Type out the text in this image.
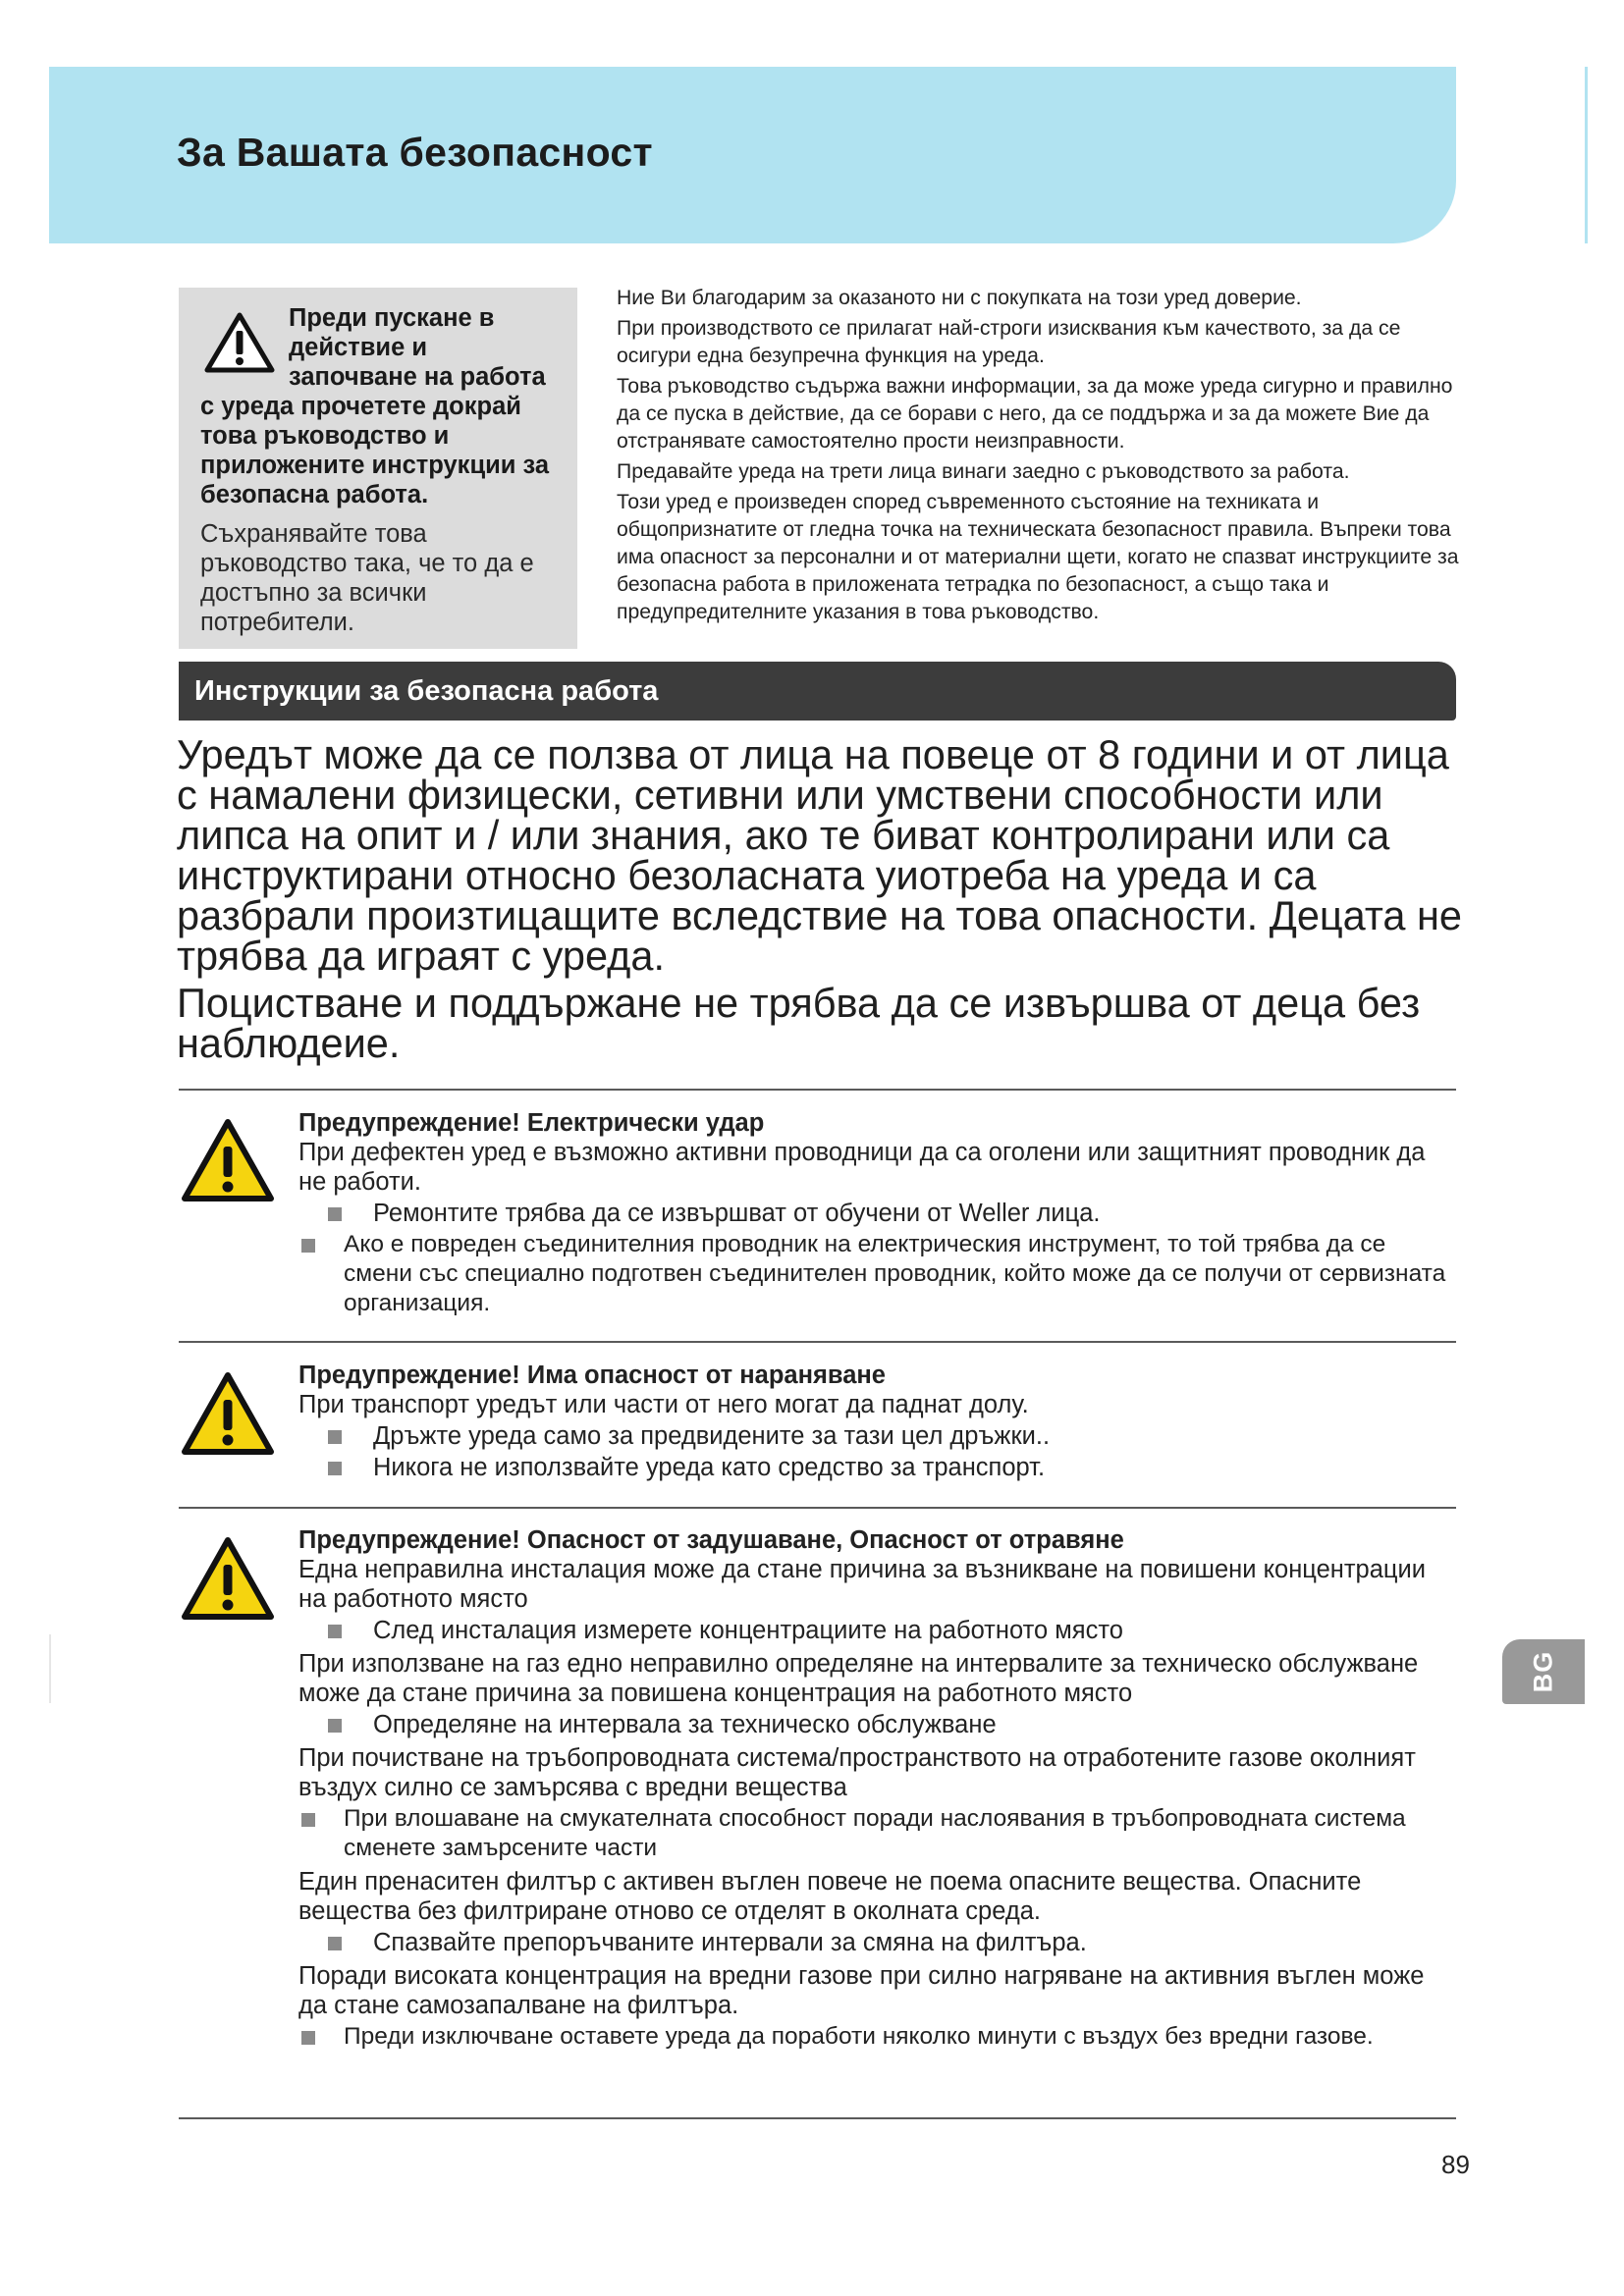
За Вашата безопасност

Преди пускане в
действие и
започване на работа
с уреда прочетете докрай това ръководство и приложените инструкции за безопасна работа.

Съхранявайте това ръководство така, че то да е достъпно за всички потребители.

Ние Ви благодарим за оказаното ни с покупката на този уред доверие.

При производството се прилагат най-строги изисквания към качеството, за да се осигури една безупречна функция на уреда.

Това ръководство съдържа важни информации, за да може уреда сигурно и правилно да се пуска в действие, да се борави с него, да се поддържа и за да можете Вие да отстранявате самостоятелно прости неизправности.

Предавайте уреда на трети лица винаги заедно с ръководството за работа.

Този уред е произведен според съвременното състояние на техниката и общопризнатите от гледна точка на техническата безопасност правила. Въпреки това има опасност за персонални и от материални щети, когато не спазват инструкциите за безопасна работа в приложената тетрадка по безопасност, а също така и предупредителните указания в това ръководство.

Инструкции за безопасна работа

Уредът може да се ползва от лица на повеце от 8 години и от лица с намалени физицески, сетивни или умствени способности или липса на опит и / или знания, ако те биват контролирани или са инструктирани относно безоласната уиотреба на уреда и са разбрали произтицащите вследствие на това опасности. Децата не трябва да играят с уреда.

Поцистване и поддържане не трябва да се извършва от деца без наблюдеие.

Предупреждение! Електрически удар

При дефектен уред е възможно активни проводници да са оголени или защитният проводник да не работи.

Ремонтите трябва да се извършват от обучени от Weller лица.
Ако е повреден съединителния проводник на електрическия инструмент, то той трябва да се смени със специално подготвен съединителен проводник, който може да се получи от сервизната организация.

Предупреждение! Има опасност от нараняване

При транспорт уредът или части от него могат да паднат долу.

Дръжте уреда само за предвидените за тази цел дръжки..
Никога не използвайте уреда като средство за транспорт.

Предупреждение! Опасност от задушаване, Опасност от отравяне

Една неправилна инсталация може да стане причина за възникване на повишени концентрации на работното място

След инсталация измерете концентрациите на работното място

При използване на газ едно неправилно определяне на интервалите за техническо обслужване може да стане причина за повишена концентрация на работното място

Определяне на интервала за техническо обслужване

При почистване на тръбопроводната система/пространството на отработените газове околният въздух силно се замърсява с вредни вещества

При влошаване на смукателната способност поради наслоявания в тръбопроводната система сменете замърсените части

Един пренаситен филтър с активен въглен повече не поема опасните вещества. Опасните вещества без филтриране отново се отделят в околната среда.

Спазвайте препоръчваните интервали за смяна на филтъра.

Поради високата концентрация на вредни газове при силно нагряване на активния въглен може да стане самозапалване на филтъра.

Преди изключване оставете уреда да поработи няколко минути с въздух без вредни газове.
BG
89
